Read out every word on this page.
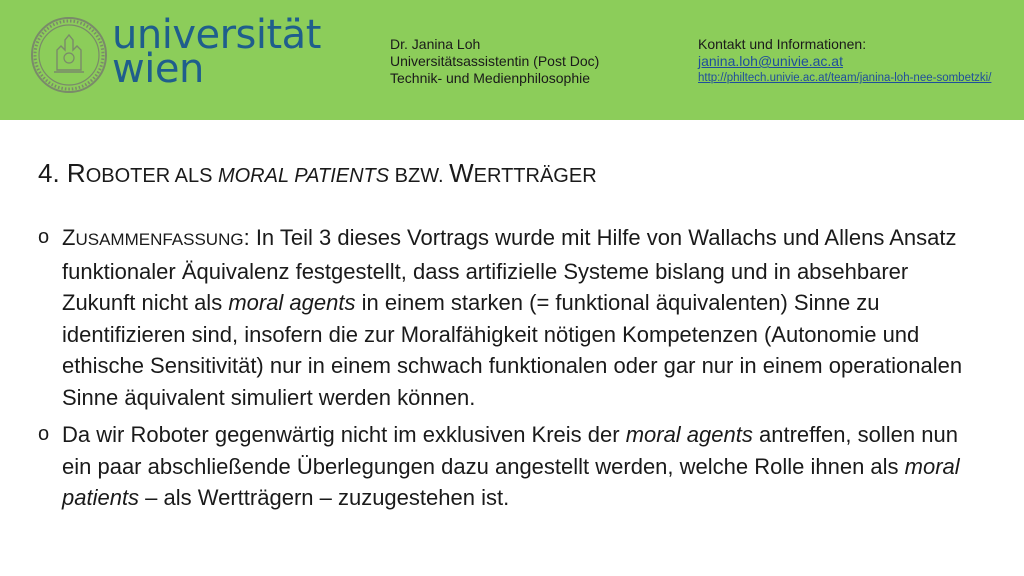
universität
wien
Dr. Janina Loh
Universitätsassistentin (Post Doc)
Technik- und Medienphilosophie
Kontakt und Informationen:
janina.loh@univie.ac.at
http://philtech.univie.ac.at/team/janina-loh-nee-sombetzki/
4. ROBOTER ALS MORAL PATIENTS BZW. WERTTRÄGER
o ZUSAMMENFASSUNG: In Teil 3 dieses Vortrags wurde mit Hilfe von Wallachs und Allens Ansatz funktionaler Äquivalenz festgestellt, dass artifizielle Systeme bislang und in absehbarer Zukunft nicht als moral agents in einem starken (= funktional äquivalenten) Sinne zu identifizieren sind, insofern die zur Moralfähigkeit nötigen Kompetenzen (Autonomie und ethische Sensitivität) nur in einem schwach funktionalen oder gar nur in einem operationalen Sinne äquivalent simuliert werden können.
o Da wir Roboter gegenwärtig nicht im exklusiven Kreis der moral agents antreffen, sollen nun ein paar abschließende Überlegungen dazu angestellt werden, welche Rolle ihnen als moral patients – als Wertträgern – zuzugestehen ist.
